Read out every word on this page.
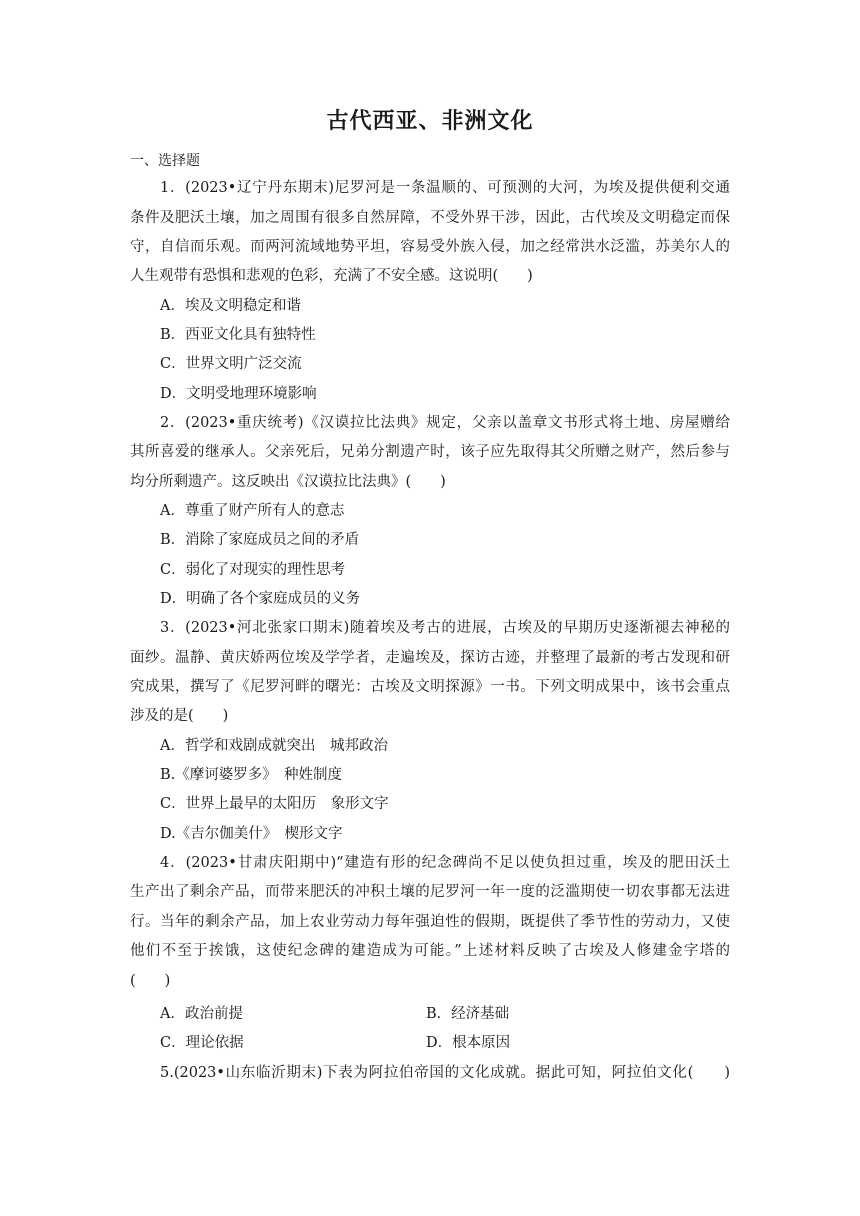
古代西亚、非洲文化
一、选择题
1．(2023•辽宁丹东期末)尼罗河是一条温顺的、可预测的大河，为埃及提供便利交通
条件及肥沃土壤，加之周围有很多自然屏障，不受外界干涉，因此，古代埃及文明稳定而保
守，自信而乐观。而两河流域地势平坦，容易受外族入侵，加之经常洪水泛滥，苏美尔人的
人生观带有恐惧和悲观的色彩，充满了不安全感。这说明(　　)
A．埃及文明稳定和谐
B．西亚文化具有独特性
C．世界文明广泛交流
D．文明受地理环境影响
2．(2023•重庆统考)《汉谟拉比法典》规定，父亲以盖章文书形式将土地、房屋赠给
其所喜爱的继承人。父亲死后，兄弟分割遗产时，该子应先取得其父所赠之财产，然后参与
均分所剩遗产。这反映出《汉谟拉比法典》(　　)
A．尊重了财产所有人的意志
B．消除了家庭成员之间的矛盾
C．弱化了对现实的理性思考
D．明确了各个家庭成员的义务
3．(2023•河北张家口期末)随着埃及考古的进展，古埃及的早期历史逐渐褪去神秘的
面纱。温静、黄庆娇两位埃及学学者，走遍埃及，探访古迹，并整理了最新的考古发现和研
究成果，撰写了《尼罗河畔的曙光：古埃及文明探源》一书。下列文明成果中，该书会重点
涉及的是(　　)
A．哲学和戏剧成就突出　城邦政治
B.《摩诃婆罗多》　种姓制度
C．世界上最早的太阳历　象形文字
D.《吉尔伽美什》　楔形文字
4．(2023•甘肃庆阳期中)“建造有形的纪念碑尚不足以使负担过重，埃及的肥田沃土
生产出了剩余产品，而带来肥沃的冲积土壤的尼罗河一年一度的泛滥期使一切农事都无法进
行。当年的剩余产品，加上农业劳动力每年强迫性的假期，既提供了季节性的劳动力，又使
他们不至于挨饿，这使纪念碑的建造成为可能。”上述材料反映了古埃及人修建金字塔的
(　　)
A．政治前提	B．经济基础
C．理论依据	D．根本原因
5.(2023•山东临沂期末)下表为阿拉伯帝国的文化成就。据此可知，阿拉伯文化(　　)
